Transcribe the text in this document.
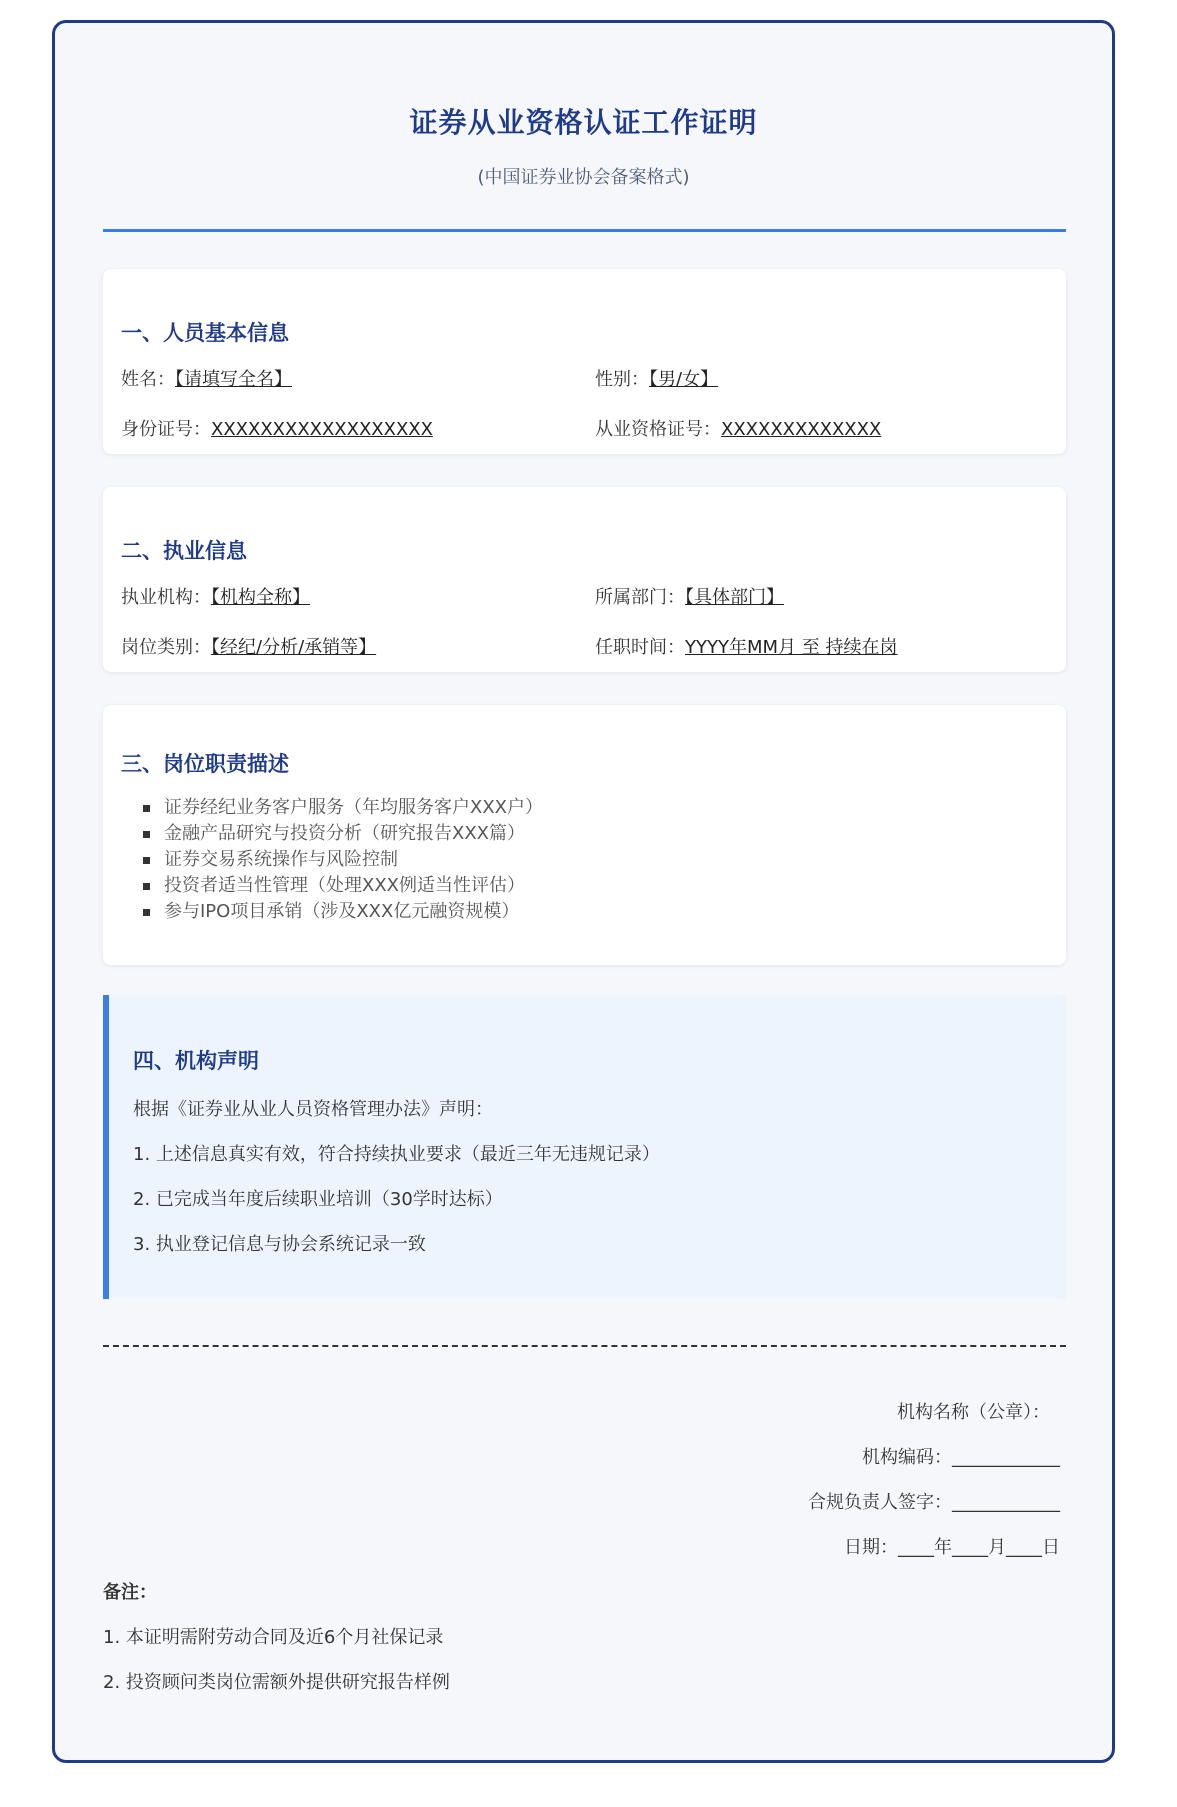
证券从业资格认证工作证明
(中国证券业协会备案格式)
一、人员基本信息
姓名：【请填写全名】	性别：【男/女】
身份证号：XXXXXXXXXXXXXXXXXX	从业资格证号：XXXXXXXXXXXXX
二、执业信息
执业机构：【机构全称】	所属部门：【具体部门】
岗位类别：【经纪/分析/承销等】	任职时间：YYYY年MM月 至 持续在岗
三、岗位职责描述
证券经纪业务客户服务（年均服务客户XXX户）
金融产品研究与投资分析（研究报告XXX篇）
证券交易系统操作与风险控制
投资者适当性管理（处理XXX例适当性评估）
参与IPO项目承销（涉及XXX亿元融资规模）
四、机构声明
根据《证券业从业人员资格管理办法》声明：
1. 上述信息真实有效，符合持续执业要求（最近三年无违规记录）
2. 已完成当年度后续职业培训（30学时达标）
3. 执业登记信息与协会系统记录一致
机构名称（公章）：
机构编码：____________
合规负责人签字：____________
日期：____年____月____日
备注：
1. 本证明需附劳动合同及近6个月社保记录
2. 投资顾问类岗位需额外提供研究报告样例
